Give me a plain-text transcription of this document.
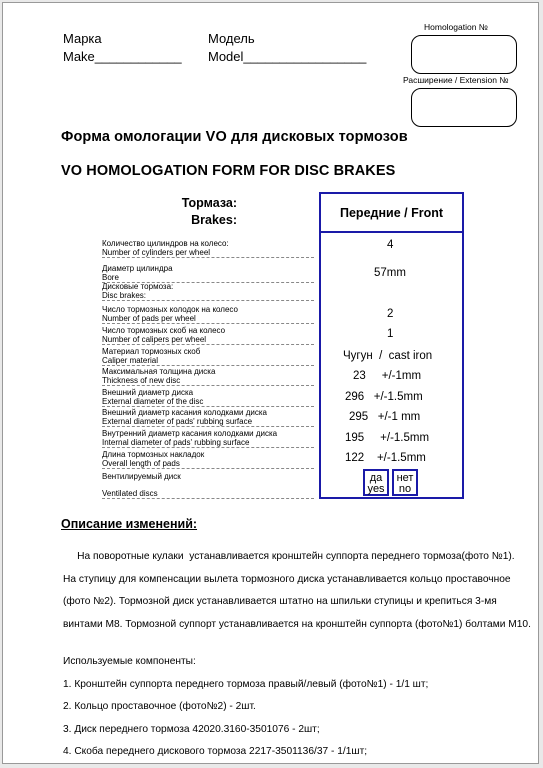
Марка
Make____________
Модель
Model_________________
Homologation №
Расширение / Extension №
Форма омологации VO для дисковых тормозов
VO HOMOLOGATION FORM FOR DISC BRAKES
Тормаза:
Brakes:
Передние / Front
Количество цилиндров на колесо:
Number of cylinders per wheel
Диаметр цилиндра
Bore
Дисковые тормоза:
Disc brakes:
Число тормозных колодок на колесо
Number of pads per wheel
Число тормозных скоб на колесо
Number of calipers per wheel
Материал тормозных скоб
Caliper material
Максимальная толщина диска
Thickness of new disc
Внешний диаметр диска
External diameter of the disc
Внешний диаметр касания колодками диска
External diameter of pads' rubbing surface
Внутренний диаметр касания колодками диска
Internal diameter of pads' rubbing surface
Длина тормозных накладок
Overall length of pads
Вентилируемый диск
Ventilated discs
4
57mm
2
1
Чугун  /  cast iron
23     +/-1mm
296   +/-1.5mm
295   +/-1 mm
195     +/-1.5mm
122    +/-1.5mm
да
yes
нет
no
Описание изменений:
На поворотные кулаки  устанавливается кронштейн суппорта переднего тормоза(фото №1).
На ступицу для компенсации вылета тормозного диска устанавливается кольцо проставочное
(фото №2). Тормозной диск устанавливается штатно на шпильки ступицы и крепиться 3-мя
винтами М8. Тормозной суппорт устанавливается на кронштейн суппорта (фото№1) болтами М10.
Используемые компоненты:
1. Кронштейн суппорта переднего тормоза правый/левый (фото№1) - 1/1 шт;
2. Кольцо проставочное (фото№2) - 2шт.
3. Диск переднего тормоза 42020.3160-3501076 - 2шт;
4. Скоба переднего дискового тормоза 2217-3501136/37 - 1/1шт;
